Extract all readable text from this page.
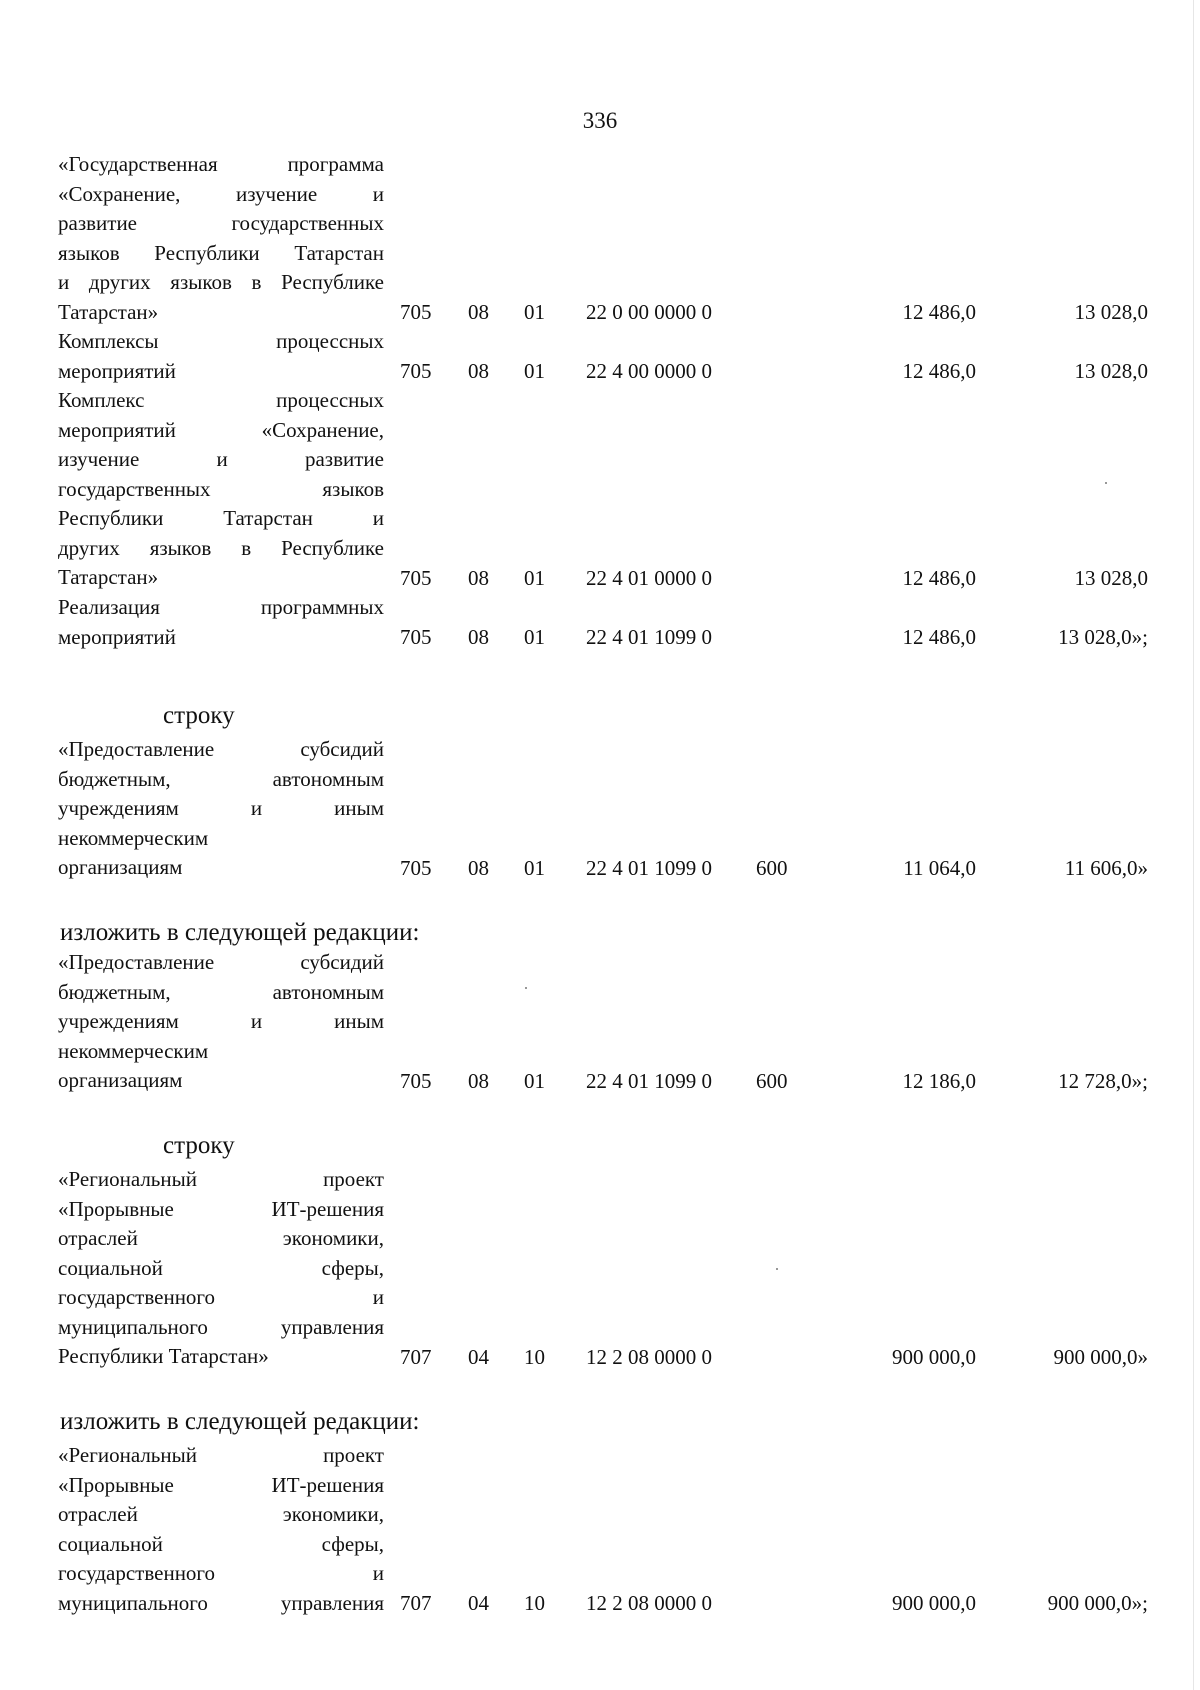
336
«Государственная программа
«Сохранение, изучение и
развитие государственных
языков Республики Татарстан
и других языков в Республике
Татарстан»	705 08 01 22 0 00 0000 0	12 486,0	13 028,0
Комплексы процессных
мероприятий	705 08 01 22 4 00 0000 0	12 486,0	13 028,0
Комплекс процессных
мероприятий «Сохранение,
изучение и развитие
государственных языков
Республики Татарстан и
других языков в Республике
Татарстан»	705 08 01 22 4 01 0000 0	12 486,0	13 028,0
Реализация программных
мероприятий	705 08 01 22 4 01 1099 0	12 486,0	13 028,0»;
строку
«Предоставление субсидий
бюджетным, автономным
учреждениям и иным
некоммерческим
организациям	705 08 01 22 4 01 1099 0 600	11 064,0	11 606,0»
изложить в следующей редакции:
«Предоставление субсидий
бюджетным, автономным
учреждениям и иным
некоммерческим
организациям	705 08 01 22 4 01 1099 0 600	12 186,0	12 728,0»;
строку
«Региональный проект
«Прорывные ИТ-решения
отраслей экономики,
социальной сферы,
государственного и
муниципального управления
Республики Татарстан»	707 04 10 12 2 08 0000 0	900 000,0	900 000,0»
изложить в следующей редакции:
«Региональный проект
«Прорывные ИТ-решения
отраслей экономики,
социальной сферы,
государственного и
муниципального управления 707 04 10 12 2 08 0000 0	900 000,0	900 000,0»;
